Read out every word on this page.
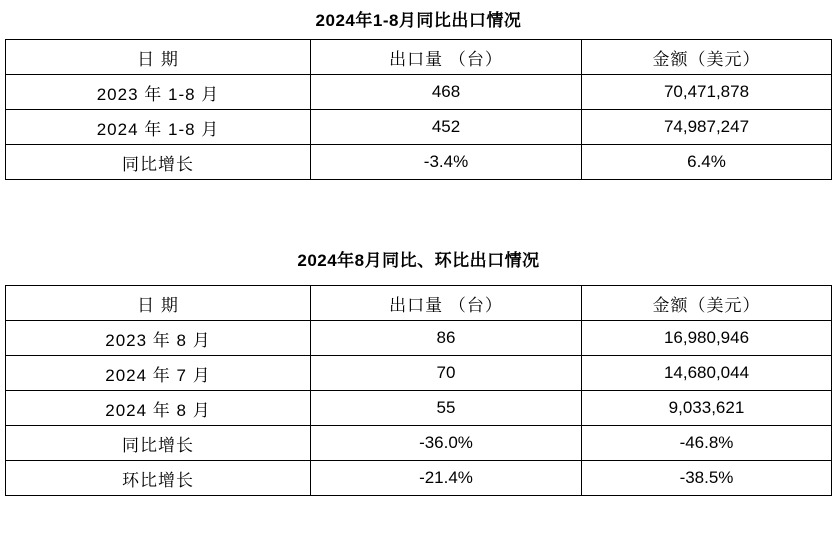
2024年1-8月同比出口情况
日 期	出口量 （台）	金额（美元）
2023 年 1-8 月	468	70,471,878
2024 年 1-8 月	452	74,987,247
同比增长	-3.4%	6.4%
2024年8月同比、环比出口情况
日 期	出口量 （台）	金额（美元）
2023 年 8 月	86	16,980,946
2024 年 7 月	70	14,680,044
2024 年 8 月	55	9,033,621
同比增长	-36.0%	-46.8%
环比增长	-21.4%	-38.5%
